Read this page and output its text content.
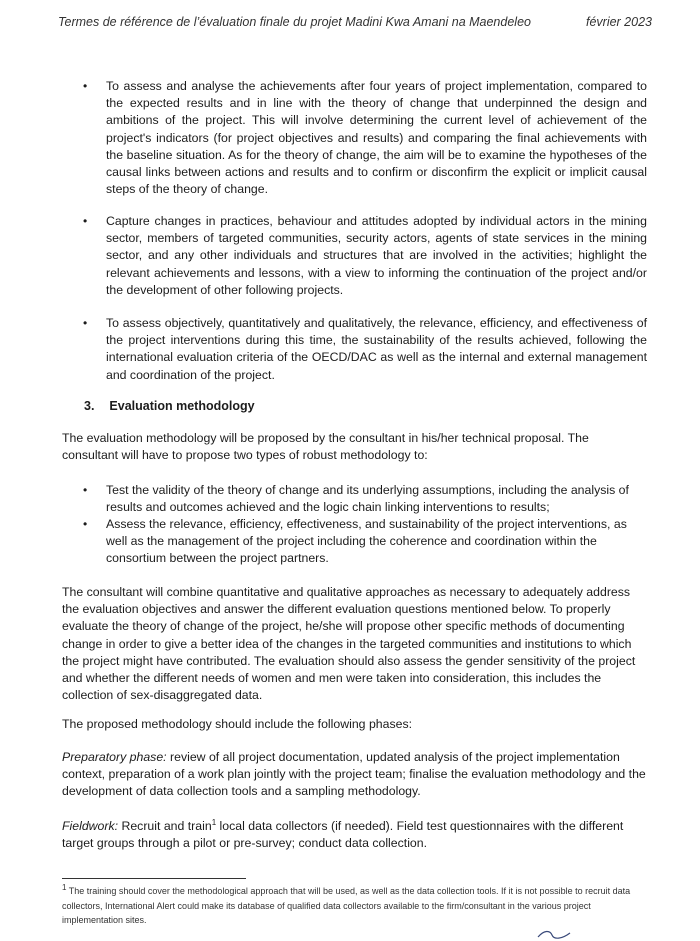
Termes de référence de l’évaluation finale du projet Madini Kwa Amani na Maendeleo	février 2023
• To assess and analyse the achievements after four years of project implementation, compared to the expected results and in line with the theory of change that underpinned the design and ambitions of the project. This will involve determining the current level of achievement of the project's indicators (for project objectives and results) and comparing the final achievements with the baseline situation. As for the theory of change, the aim will be to examine the hypotheses of the causal links between actions and results and to confirm or disconfirm the explicit or implicit causal steps of the theory of change.
• Capture changes in practices, behaviour and attitudes adopted by individual actors in the mining sector, members of targeted communities, security actors, agents of state services in the mining sector, and any other individuals and structures that are involved in the activities; highlight the relevant achievements and lessons, with a view to informing the continuation of the project and/or the development of other following projects.
• To assess objectively, quantitatively and qualitatively, the relevance, efficiency, and effectiveness of the project interventions during this time, the sustainability of the results achieved, following the international evaluation criteria of the OECD/DAC as well as the internal and external management and coordination of the project.
3. Evaluation methodology
The evaluation methodology will be proposed by the consultant in his/her technical proposal. The consultant will have to propose two types of robust methodology to:
• Test the validity of the theory of change and its underlying assumptions, including the analysis of results and outcomes achieved and the logic chain linking interventions to results;
• Assess the relevance, efficiency, effectiveness, and sustainability of the project interventions, as well as the management of the project including the coherence and coordination within the consortium between the project partners.
The consultant will combine quantitative and qualitative approaches as necessary to adequately address the evaluation objectives and answer the different evaluation questions mentioned below. To properly evaluate the theory of change of the project, he/she will propose other specific methods of documenting change in order to give a better idea of the changes in the targeted communities and institutions to which the project might have contributed. The evaluation should also assess the gender sensitivity of the project and whether the different needs of women and men were taken into consideration, this includes the collection of sex-disaggregated data.
The proposed methodology should include the following phases:
Preparatory phase: review of all project documentation, updated analysis of the project implementation context, preparation of a work plan jointly with the project team; finalise the evaluation methodology and the development of data collection tools and a sampling methodology.
Fieldwork: Recruit and train$^1$ local data collectors (if needed). Field test questionnaires with the different target groups through a pilot or pre-survey; conduct data collection.
$^1$ The training should cover the methodological approach that will be used, as well as the data collection tools. If it is not possible to recruit data collectors, International Alert could make its database of qualified data collectors available to the firm/consultant in the various project implementation sites.
